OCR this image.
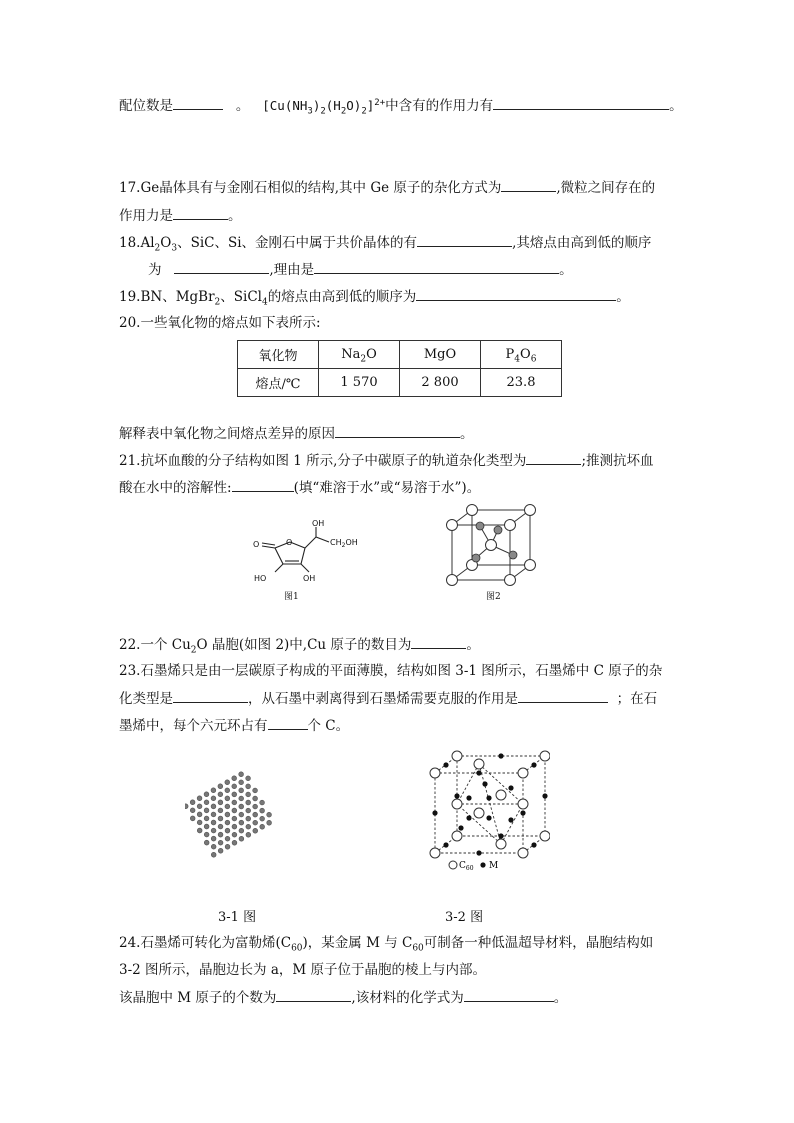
配位数是	。 $[Cu(NH_3)_2(H_2O)_2]^{2+}$中含有的作用力有	。
17.Ge晶体具有与金刚石相似的结构,其中 Ge 原子的杂化方式为	,微粒之间存在的
作用力是	。
$18.Al_2O_3$、SiC、Si、金刚石中属于共价晶体的有	,其熔点由高到低的顺序
为	,理由是	。
19.BN、MgBr$_2$、SiCl$_4$的熔点由高到低的顺序为	。
20.一些氧化物的熔点如下表所示:
氧化物	$Na_2O$	MgO	$P_4O_6$
熔点/℃	1 570	2 800	23.8
解释表中氧化物之间熔点差异的原因	。
21.抗坏血酸的分子结构如图 1 所示,分子中碳原子的轨道杂化类型为	;推测抗坏血
酸在水中的溶解性:	(填“难溶于水”或“易溶于水”)。
OH
$CH_2OH$
O
O
HO	OH
图1	图2
22.一个 $Cu_2O$ 晶胞(如图 2)中,Cu 原子的数目为	。
23.石墨烯只是由一层碳原子构成的平面薄膜，结构如图 3-1 图所示，石墨烯中 C 原子的杂
化类型是	，从石墨中剥离得到石墨烯需要克服的作用是	；在石
墨烯中，每个六元环占有	个 C。
$C_{60}$ M
3-1 图	3-2 图
24.石墨烯可转化为富勒烯$(C_{60})$，某金属 M 与 $C_{60}$可制备一种低温超导材料，晶胞结构如
3-2 图所示，晶胞边长为 a，M 原子位于晶胞的棱上与内部。
该晶胞中 M 原子的个数为	,该材料的化学式为	。
